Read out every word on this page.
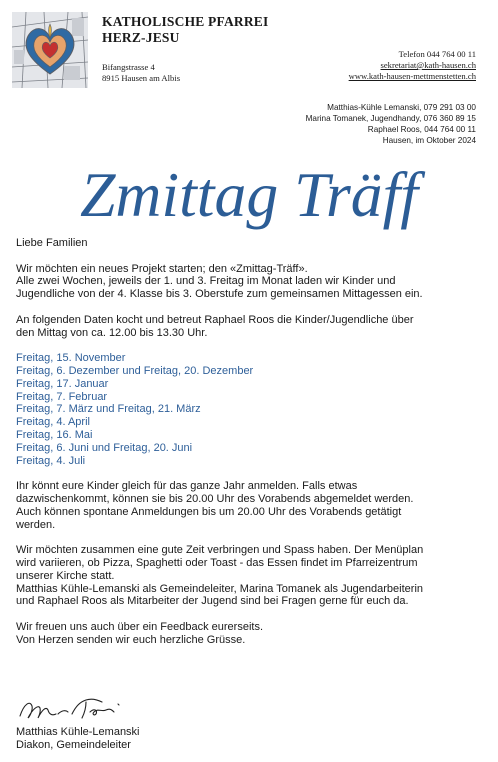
KATHOLISCHE PFARREI
HERZ-JESU
Bifangstrasse 4
8915 Hausen am Albis
Telefon 044 764 00 11
sekretariat@kath-hausen.ch
www.kath-hausen-mettmenstetten.ch
Matthias-Kühle Lemanski, 079 291 03 00
Marina Tomanek, Jugendhandy, 076 360 89 15
Raphael Roos, 044 764 00 11
Hausen, im Oktober 2024
Zmittag Träff

Liebe Familien

Wir möchten ein neues Projekt starten; den «Zmittag-Träff».

Alle zwei Wochen, jeweils der 1. und 3. Freitag im Monat laden wir Kinder und

Jugendliche von der 4. Klasse bis 3. Oberstufe zum gemeinsamen Mittagessen ein.

An folgenden Daten kocht und betreut Raphael Roos die Kinder/Jugendliche über

den Mittag von ca. 12.00 bis 13.30 Uhr.

Freitag, 15. November

Freitag, 6. Dezember und Freitag, 20. Dezember

Freitag, 17. Januar

Freitag, 7. Februar

Freitag, 7. März und Freitag, 21. März

Freitag, 4. April

Freitag, 16. Mai

Freitag, 6. Juni und Freitag, 20. Juni

Freitag, 4. Juli

Ihr könnt eure Kinder gleich für das ganze Jahr anmelden. Falls etwas

dazwischenkommt, können sie bis 20.00 Uhr des Vorabends abgemeldet werden.

Auch können spontane Anmeldungen bis um 20.00 Uhr des Vorabends getätigt

werden.

Wir möchten zusammen eine gute Zeit verbringen und Spass haben. Der Menüplan

wird variieren, ob Pizza, Spaghetti oder Toast - das Essen findet im Pfarreizentrum

unserer Kirche statt.

Matthias Kühle-Lemanski als Gemeindeleiter, Marina Tomanek als Jugendarbeiterin

und Raphael Roos als Mitarbeiter der Jugend sind bei Fragen gerne für euch da.

Wir freuen uns auch über ein Feedback eurerseits.

Von Herzen senden wir euch herzliche Grüsse.

Matthias Kühle-Lemanski
Diakon, Gemeindeleiter
